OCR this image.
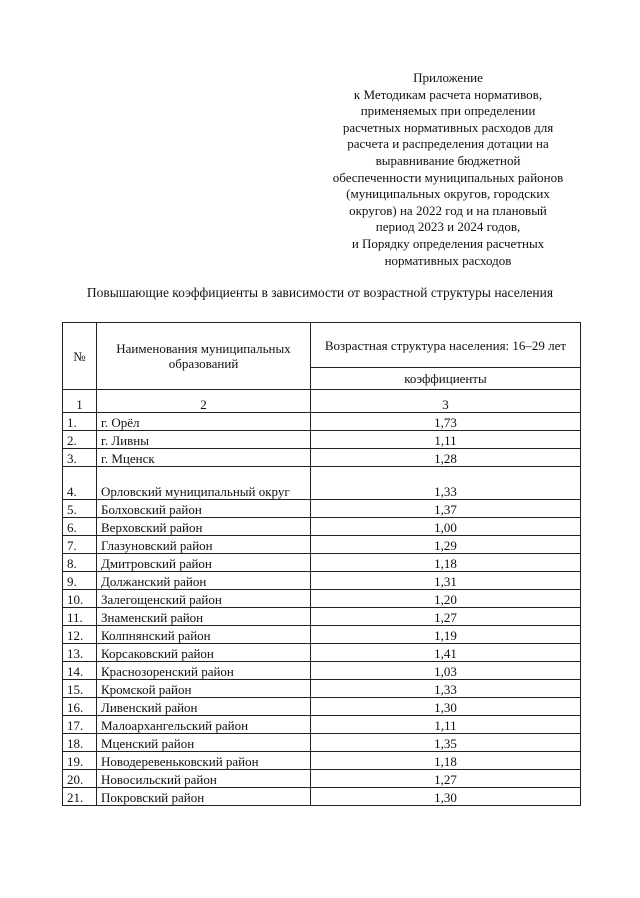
Приложение
к Методикам расчета нормативов,
применяемых при определении
расчетных нормативных расходов для
расчета и распределения дотации на
выравнивание бюджетной
обеспеченности муниципальных районов
(муниципальных округов, городских
округов) на 2022 год и на плановый
период 2023 и 2024 годов,
и Порядку определения расчетных
нормативных расходов
Повышающие коэффициенты в зависимости от возрастной структуры населения
№	Наименования муниципальных образований	Возрастная структура населения: 16–29 лет
		коэффициенты
1	2	3
1.	г. Орёл	1,73
2.	г. Ливны	1,11
3.	г. Мценск	1,28
4.	Орловский муниципальный округ	1,33
5.	Болховский район	1,37
6.	Верховский район	1,00
7.	Глазуновский район	1,29
8.	Дмитровский район	1,18
9.	Должанский район	1,31
10.	Залегощенский район	1,20
11.	Знаменский район	1,27
12.	Колпнянский район	1,19
13.	Корсаковский район	1,41
14.	Краснозоренский район	1,03
15.	Кромской район	1,33
16.	Ливенский район	1,30
17.	Малоархангельский район	1,11
18.	Мценский район	1,35
19.	Новодеревеньковский район	1,18
20.	Новосильский район	1,27
21.	Покровский район	1,30
